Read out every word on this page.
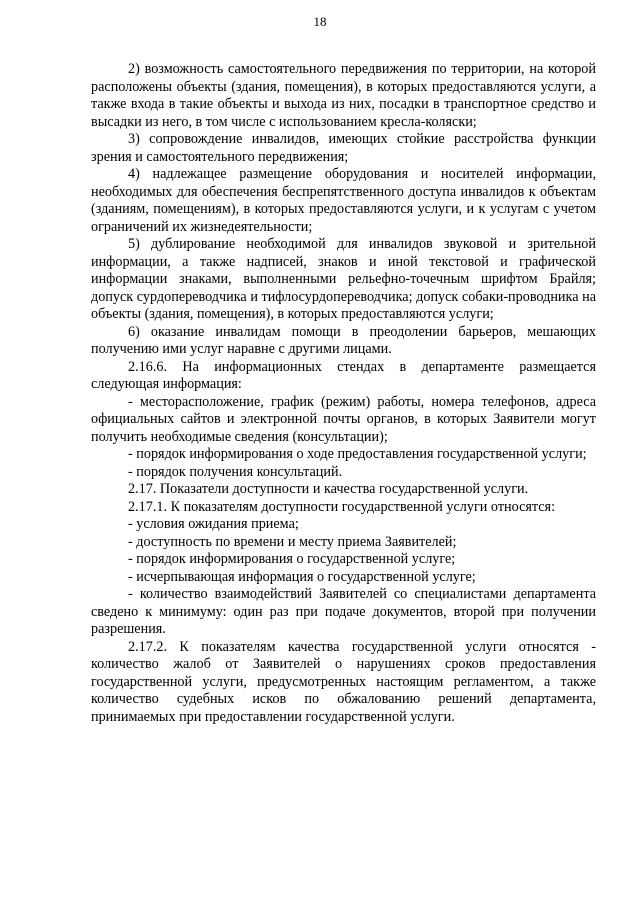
18

2) возможность самостоятельного передвижения по территории, на которой расположены объекты (здания, помещения), в которых предоставляются услуги, а также входа в такие объекты и выхода из них, посадки в транспортное средство и высадки из него, в том числе с использованием кресла-коляски;

3) сопровождение инвалидов, имеющих стойкие расстройства функции зрения и самостоятельного передвижения;

4) надлежащее размещение оборудования и носителей информации, необходимых для обеспечения беспрепятственного доступа инвалидов к объектам (зданиям, помещениям), в которых предоставляются услуги, и к услугам с учетом ограничений их жизнедеятельности;

5) дублирование необходимой для инвалидов звуковой и зрительной информации, а также надписей, знаков и иной текстовой и графической информации знаками, выполненными рельефно-точечным шрифтом Брайля; допуск сурдопереводчика и тифлосурдопереводчика; допуск собаки-проводника на объекты (здания, помещения), в которых предоставляются услуги;

6) оказание инвалидам помощи в преодолении барьеров, мешающих получению ими услуг наравне с другими лицами.

2.16.6. На информационных стендах в департаменте размещается следующая информация:

- месторасположение, график (режим) работы, номера телефонов, адреса официальных сайтов и электронной почты органов, в которых Заявители могут получить необходимые сведения (консультации);

- порядок информирования о ходе предоставления государственной услуги;

- порядок получения консультаций.

2.17. Показатели доступности и качества государственной услуги.

2.17.1. К показателям доступности государственной услуги относятся:

- условия ожидания приема;

- доступность по времени и месту приема Заявителей;

- порядок информирования о государственной услуге;

- исчерпывающая информация о государственной услуге;

- количество взаимодействий Заявителей со специалистами департамента сведено к минимуму: один раз при подаче документов, второй при получении разрешения.

2.17.2. К показателям качества государственной услуги относятся - количество жалоб от Заявителей о нарушениях сроков предоставления государственной услуги, предусмотренных настоящим регламентом, а также количество судебных исков по обжалованию решений департамента, принимаемых при предоставлении государственной услуги.
